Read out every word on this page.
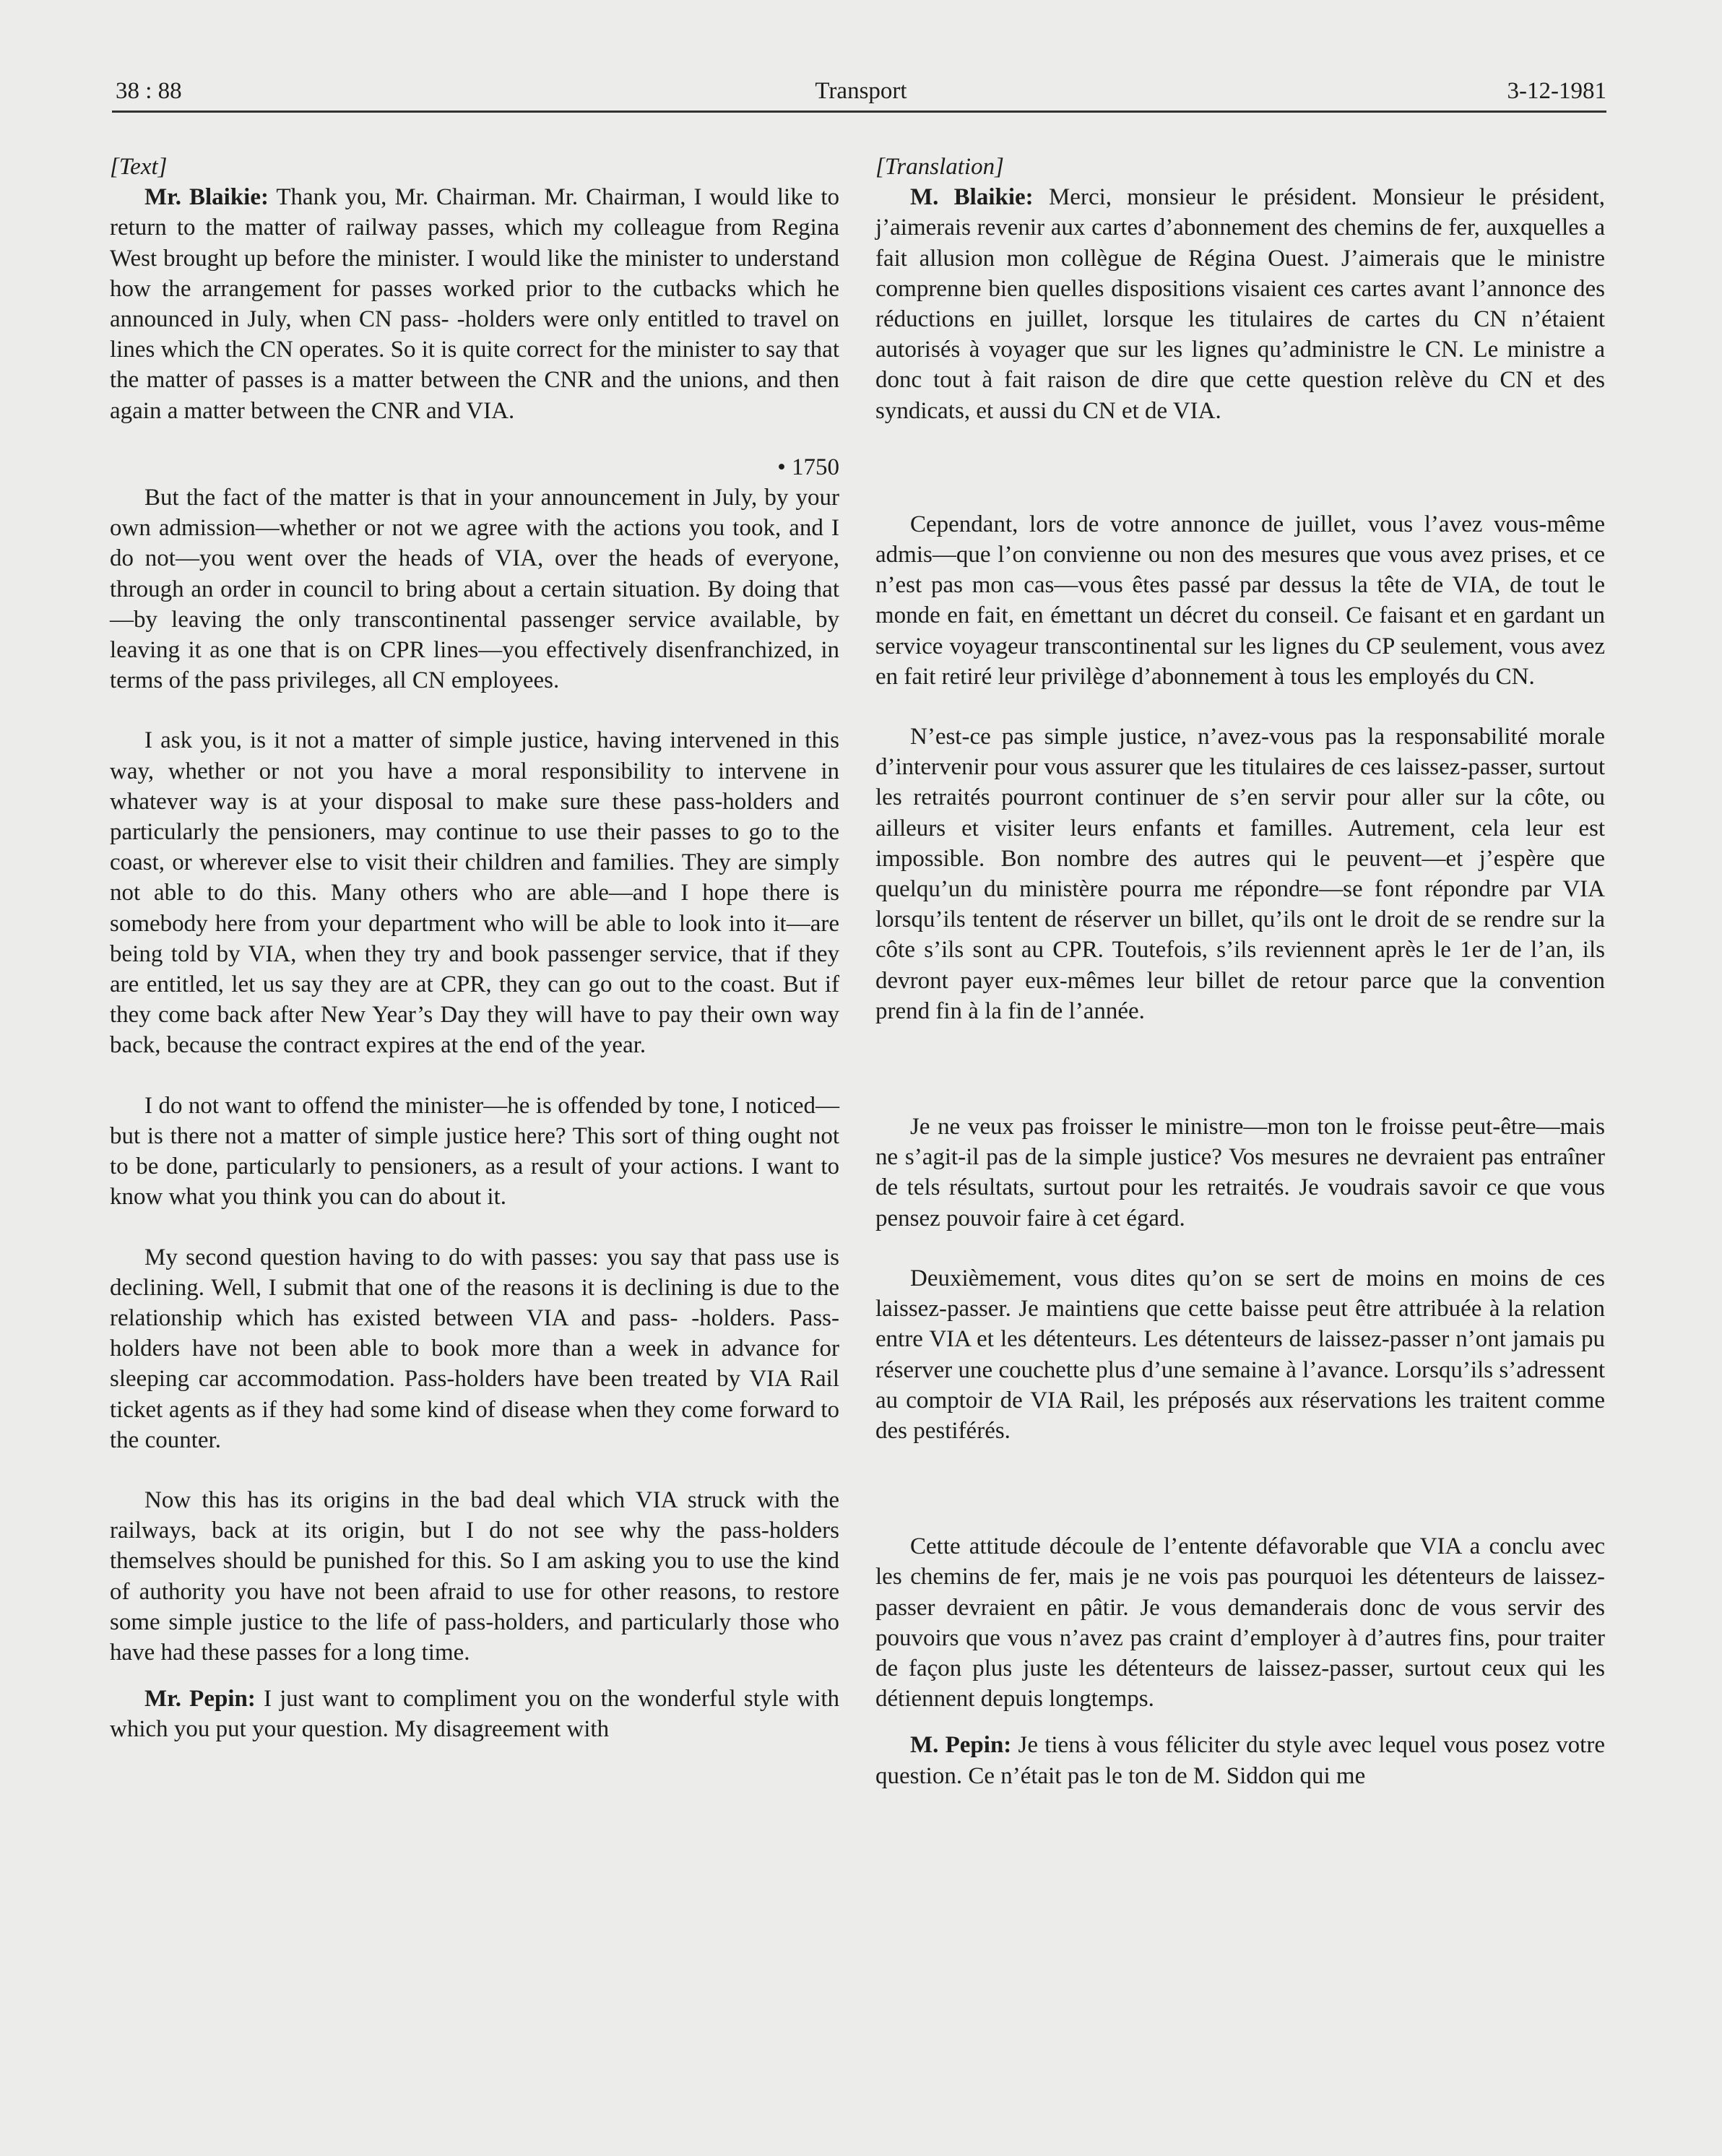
38 : 88	Transport	3-12-1981

[Text]

Mr. Blaikie: Thank you, Mr. Chairman. Mr. Chairman, I would like to return to the matter of railway passes, which my colleague from Regina West brought up before the minister. I would like the minister to understand how the arrangement for passes worked prior to the cutbacks which he announced in July, when CN pass- -holders were only entitled to travel on lines which the CN operates. So it is quite correct for the minister to say that the matter of passes is a matter between the CNR and the unions, and then again a matter between the CNR and VIA.

• 1750

But the fact of the matter is that in your announcement in July, by your own admission—whether or not we agree with the actions you took, and I do not—you went over the heads of VIA, over the heads of everyone, through an order in council to bring about a certain situation. By doing that—by leaving the only transcontinental passenger service available, by leaving it as one that is on CPR lines—you effectively disenfranchized, in terms of the pass privileges, all CN employees.

I ask you, is it not a matter of simple justice, having intervened in this way, whether or not you have a moral responsibility to intervene in whatever way is at your disposal to make sure these pass-holders and particularly the pensioners, may continue to use their passes to go to the coast, or wherever else to visit their children and families. They are simply not able to do this. Many others who are able—and I hope there is somebody here from your department who will be able to look into it—are being told by VIA, when they try and book passenger service, that if they are entitled, let us say they are at CPR, they can go out to the coast. But if they come back after New Year’s Day they will have to pay their own way back, because the contract expires at the end of the year.

I do not want to offend the minister—he is offended by tone, I noticed—but is there not a matter of simple justice here? This sort of thing ought not to be done, particularly to pensioners, as a result of your actions. I want to know what you think you can do about it.

My second question having to do with passes: you say that pass use is declining. Well, I submit that one of the reasons it is declining is due to the relationship which has existed between VIA and pass- -holders. Pass-holders have not been able to book more than a week in advance for sleeping car accommodation. Pass-holders have been treated by VIA Rail ticket agents as if they had some kind of disease when they come forward to the counter.

Now this has its origins in the bad deal which VIA struck with the railways, back at its origin, but I do not see why the pass-holders themselves should be punished for this. So I am asking you to use the kind of authority you have not been afraid to use for other reasons, to restore some simple justice to the life of pass-holders, and particularly those who have had these passes for a long time.

Mr. Pepin: I just want to compliment you on the wonderful style with which you put your question. My disagreement with

[Translation]

M. Blaikie: Merci, monsieur le président. Monsieur le président, j’aimerais revenir aux cartes d’abonnement des chemins de fer, auxquelles a fait allusion mon collègue de Régina Ouest. J’aimerais que le ministre comprenne bien quelles dispositions visaient ces cartes avant l’annonce des réductions en juillet, lorsque les titulaires de cartes du CN n’étaient autorisés à voyager que sur les lignes qu’administre le CN. Le ministre a donc tout à fait raison de dire que cette question relève du CN et des syndicats, et aussi du CN et de VIA.

Cependant, lors de votre annonce de juillet, vous l’avez vous-même admis—que l’on convienne ou non des mesures que vous avez prises, et ce n’est pas mon cas—vous êtes passé par dessus la tête de VIA, de tout le monde en fait, en émettant un décret du conseil. Ce faisant et en gardant un service voyageur transcontinental sur les lignes du CP seulement, vous avez en fait retiré leur privilège d’abonnement à tous les employés du CN.

N’est-ce pas simple justice, n’avez-vous pas la responsabilité morale d’intervenir pour vous assurer que les titulaires de ces laissez-passer, surtout les retraités pourront continuer de s’en servir pour aller sur la côte, ou ailleurs et visiter leurs enfants et familles. Autrement, cela leur est impossible. Bon nombre des autres qui le peuvent—et j’espère que quelqu’un du ministère pourra me répondre—se font répondre par VIA lorsqu’ils tentent de réserver un billet, qu’ils ont le droit de se rendre sur la côte s’ils sont au CPR. Toutefois, s’ils reviennent après le 1er de l’an, ils devront payer eux-mêmes leur billet de retour parce que la convention prend fin à la fin de l’année.

Je ne veux pas froisser le ministre—mon ton le froisse peut-être—mais ne s’agit-il pas de la simple justice? Vos mesures ne devraient pas entraîner de tels résultats, surtout pour les retraités. Je voudrais savoir ce que vous pensez pouvoir faire à cet égard.

Deuxièmement, vous dites qu’on se sert de moins en moins de ces laissez-passer. Je maintiens que cette baisse peut être attribuée à la relation entre VIA et les détenteurs. Les détenteurs de laissez-passer n’ont jamais pu réserver une couchette plus d’une semaine à l’avance. Lorsqu’ils s’adressent au comptoir de VIA Rail, les préposés aux réservations les traitent comme des pestiférés.

Cette attitude découle de l’entente défavorable que VIA a conclu avec les chemins de fer, mais je ne vois pas pourquoi les détenteurs de laissez-passer devraient en pâtir. Je vous demanderais donc de vous servir des pouvoirs que vous n’avez pas craint d’employer à d’autres fins, pour traiter de façon plus juste les détenteurs de laissez-passer, surtout ceux qui les détiennent depuis longtemps.

M. Pepin: Je tiens à vous féliciter du style avec lequel vous posez votre question. Ce n’était pas le ton de M. Siddon qui me
